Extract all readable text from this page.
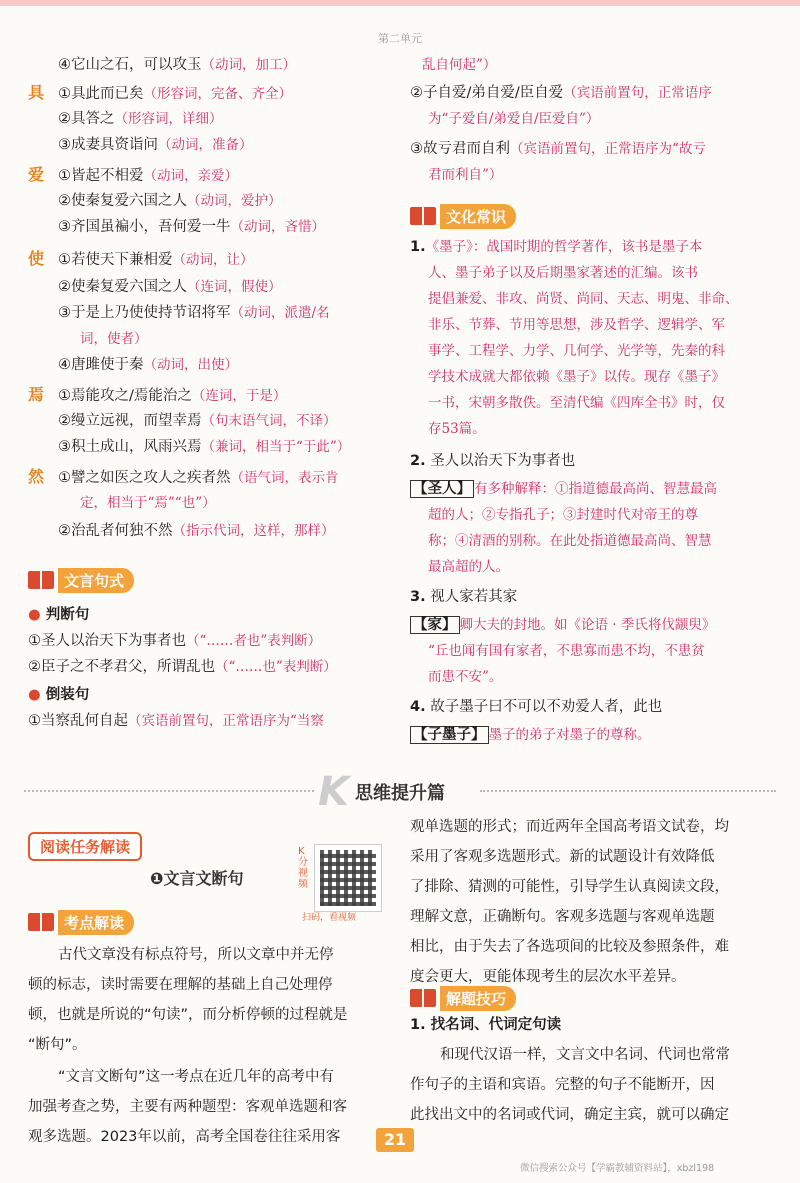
第二单元
④它山之石，可以攻玉（动词，加工）
具 ①具此而已矣（形容词，完备、齐全）
②具答之（形容词，详细）
③成妻具资诣问（动词，准备）
爱 ①皆起不相爱（动词，亲爱）
②使秦复爱六国之人（动词，爱护）
③齐国虽褊小，吾何爱一牛（动词，吝惜）
使 ①若使天下兼相爱（动词，让）
②使秦复爱六国之人（连词，假使）
③于是上乃使使持节诏将军（动词，派遣/名
词，使者）
④唐雎使于秦（动词，出使）
焉 ①焉能攻之/焉能治之（连词，于是）
②缦立远视，而望幸焉（句末语气词，不译）
③积土成山，风雨兴焉（兼词，相当于“于此”）
然 ①譬之如医之攻人之疾者然（语气词，表示肯
定，相当于“焉”“也”）
②治乱者何独不然（指示代词，这样，那样）
文言句式
● 判断句
①圣人以治天下为事者也（“……者也”表判断）
②臣子之不孝君父，所谓乱也（“……也”表判断）
● 倒装句
①当察乱何自起（宾语前置句，正常语序为“当察
乱自何起”）
②子自爱/弟自爱/臣自爱（宾语前置句，正常语序
为“子爱自/弟爱自/臣爱自”）
③故亏君而自利（宾语前置句，正常语序为“故亏
君而利自”）
文化常识
1.《墨子》：战国时期的哲学著作，该书是墨子本
人、墨子弟子以及后期墨家著述的汇编。该书
提倡兼爱、非攻、尚贤、尚同、天志、明鬼、非命、
非乐、节葬、节用等思想，涉及哲学、逻辑学、军
事学、工程学、力学、几何学、光学等，先秦的科
学技术成就大都依赖《墨子》以传。现存《墨子》
一书，宋朝多散佚。至清代编《四库全书》时，仅
存53篇。
2. 圣人以治天下为事者也
【圣人】 有多种解释：①指道德最高尚、智慧最高
超的人；②专指孔子；③封建时代对帝王的尊
称；④清酒的别称。在此处指道德最高尚、智慧
最高超的人。
3. 视人家若其家
【家】 卿大夫的封地。如《论语 · 季氏将伐颛臾》
“丘也闻有国有家者，不患寡而患不均，不患贫
而患不安”。
4. 故子墨子曰不可以不劝爱人者，此也
【子墨子】 墨子的弟子对墨子的尊称。
K 思维提升篇
阅读任务解读
❶文言文断句
K分视频
扫码，看视频
考点解读
古代文章没有标点符号，所以文章中并无停
顿的标志，读时需要在理解的基础上自己处理停
顿，也就是所说的“句读”，而分析停顿的过程就是
“断句”。
“文言文断句”这一考点在近几年的高考中有
加强考查之势，主要有两种题型：客观单选题和客
观多选题。2023年以前，高考全国卷往往采用客
观单选题的形式；而近两年全国高考语文试卷，均
采用了客观多选题形式。新的试题设计有效降低
了排除、猜测的可能性，引导学生认真阅读文段，
理解文意，正确断句。客观多选题与客观单选题
相比，由于失去了各选项间的比较及参照条件，难
度会更大，更能体现考生的层次水平差异。
解题技巧
1. 找名词、代词定句读
和现代汉语一样，文言文中名词、代词也常常
作句子的主语和宾语。完整的句子不能断开，因
此找出文中的名词或代词，确定主宾，就可以确定
21
微信搜索公众号【学霸教辅资料站】，xbzl198
